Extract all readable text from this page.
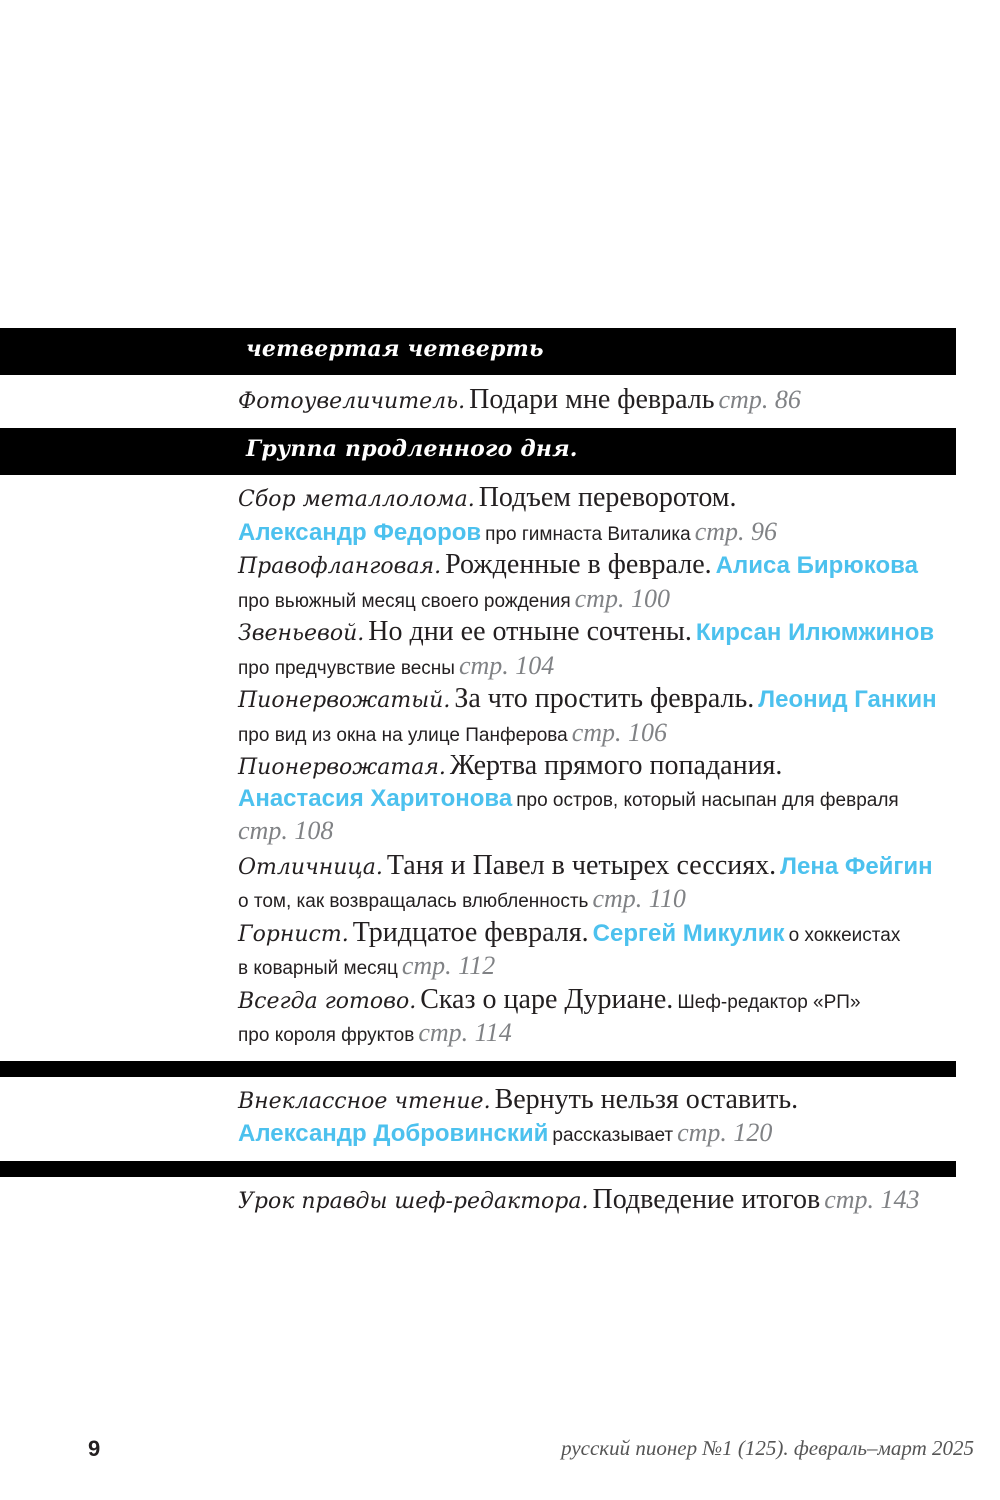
четвертая четверть
Фотоувеличитель. Подари мне февраль стр. 86
Группа продленного дня.
Сбор металлолома. Подъем переворотом.
Александр Федоров про гимнаста Виталика стр. 96
Правофланговая. Рожденные в феврале. Алиса Бирюкова
про вьюжный месяц своего рождения стр. 100
Звеньевой. Но дни ее отныне сочтены. Кирсан Илюмжинов
про предчувствие весны стр. 104
Пионервожатый. За что простить февраль. Леонид Ганкин
про вид из окна на улице Панферова стр. 106
Пионервожатая. Жертва прямого попадания.
Анастасия Харитонова про остров, который насыпан для февраля
стр. 108
Отличница. Таня и Павел в четырех сессиях. Лена Фейгин
о том, как возвращалась влюбленность стр. 110
Горнист. Тридцатое февраля. Сергей Микулик о хоккеистах
в коварный месяц стр. 112
Всегда готово. Сказ о царе Дуриане. Шеф-редактор «РП»
про короля фруктов стр. 114
Внеклассное чтение. Вернуть нельзя оставить.
Александр Добровинский рассказывает стр. 120
Урок правды шеф-редактора. Подведение итогов стр. 143
9	русский пионер №1 (125). февраль–март 2025
